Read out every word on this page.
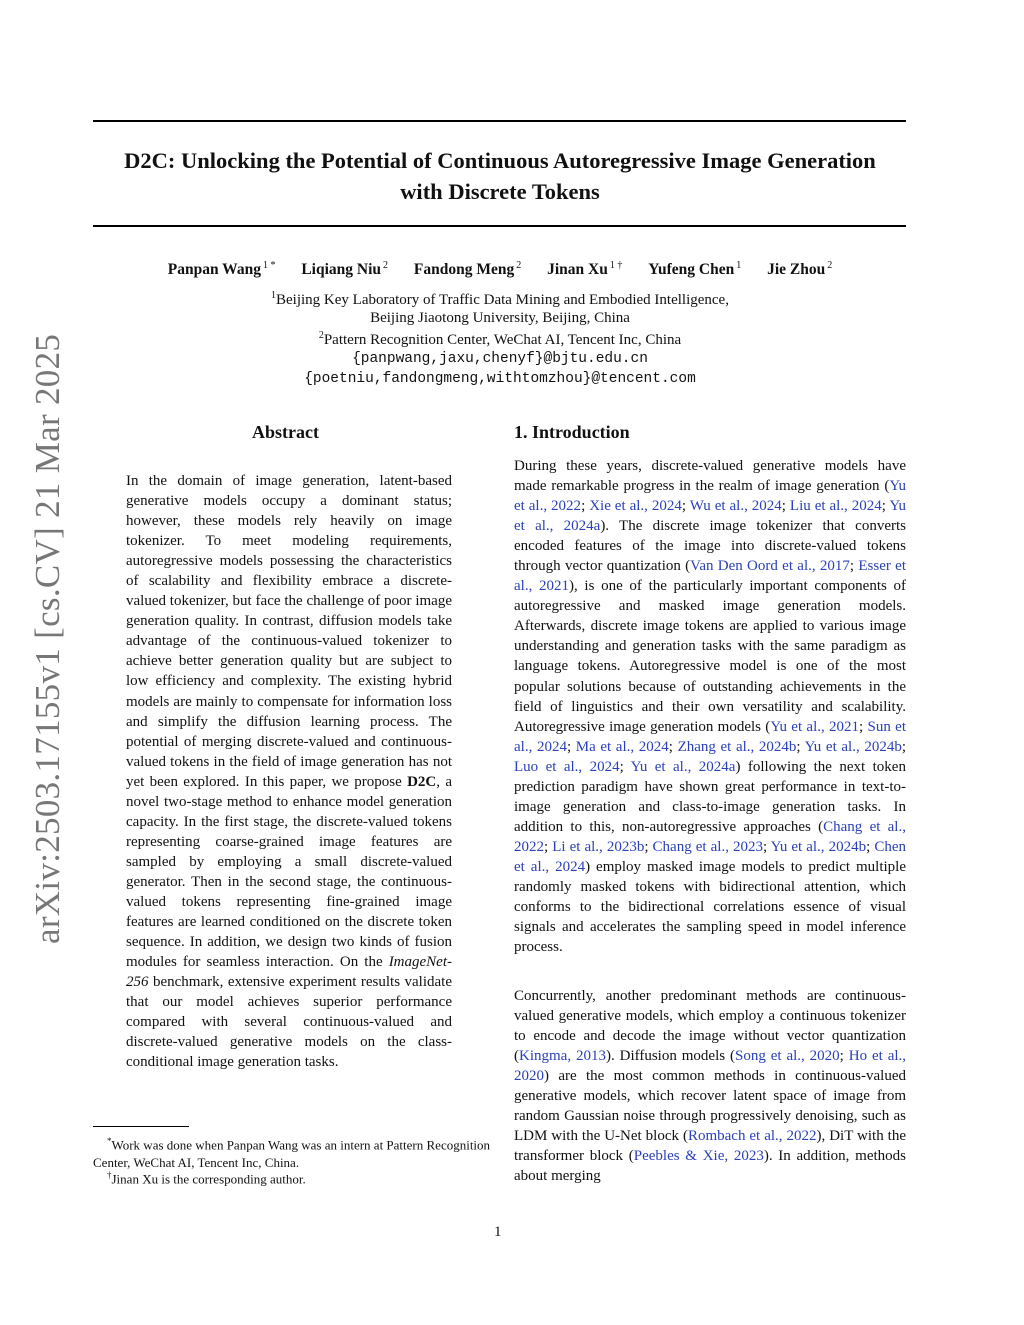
D2C: Unlocking the Potential of Continuous Autoregressive Image Generation
with Discrete Tokens
Panpan Wang $^{1 *}$ Liqiang Niu $^2$ Fandong Meng $^2$ Jinan Xu $^{1 \dagger}$ Yufeng Chen $^1$ Jie Zhou $^2$
$^1$Beijing Key Laboratory of Traffic Data Mining and Embodied Intelligence,
Beijing Jiaotong University, Beijing, China
$^2$Pattern Recognition Center, WeChat AI, Tencent Inc, China
{panpwang,jaxu,chenyf}@bjtu.edu.cn
{poetniu,fandongmeng,withtomzhou}@tencent.com
arXiv:2503.17155v1 [cs.CV] 21 Mar 2025	Abstract
In the domain of image generation, latent-based generative models occupy a dominant status; however, these models rely heavily on image tokenizer. To meet modeling requirements, autoregressive models possessing the characteristics of scalability and flexibility embrace a discrete-valued tokenizer, but face the challenge of poor image generation quality. In contrast, diffusion models take advantage of the continuous-valued tokenizer to achieve better generation quality but are subject to low efficiency and complexity. The existing hybrid models are mainly to compensate for information loss and simplify the diffusion learning process. The potential of merging discrete-valued and continuous-valued tokens in the field of image generation has not yet been explored. In this paper, we propose D2C, a novel two-stage method to enhance model generation capacity. In the first stage, the discrete-valued tokens representing coarse-grained image features are sampled by employing a small discrete-valued generator. Then in the second stage, the continuous-valued tokens representing fine-grained image features are learned conditioned on the discrete token sequence. In addition, we design two kinds of fusion modules for seamless interaction. On the ImageNet-256 benchmark, extensive experiment results validate that our model achieves superior performance compared with several continuous-valued and discrete-valued generative models on the class-conditional image generation tasks.
1. Introduction
During these years, discrete-valued generative models have made remarkable progress in the realm of image generation (Yu et al., 2022; Xie et al., 2024; Wu et al., 2024; Liu et al., 2024; Yu et al., 2024a). The discrete image tokenizer that converts encoded features of the image into discrete-valued tokens through vector quantization (Van Den Oord et al., 2017; Esser et al., 2021), is one of the particularly important components of autoregressive and masked image generation models. Afterwards, discrete image tokens are applied to various image understanding and generation tasks with the same paradigm as language tokens. Autoregressive model is one of the most popular solutions because of outstanding achievements in the field of linguistics and their own versatility and scalability. Autoregressive image generation models (Yu et al., 2021; Sun et al., 2024; Ma et al., 2024; Zhang et al., 2024b; Yu et al., 2024b; Luo et al., 2024; Yu et al., 2024a) following the next token prediction paradigm have shown great performance in text-to-image generation and class-to-image generation tasks. In addition to this, non-autoregressive approaches (Chang et al., 2022; Li et al., 2023b; Chang et al., 2023; Yu et al., 2024b; Chen et al., 2024) employ masked image models to predict multiple randomly masked tokens with bidirectional attention, which conforms to the bidirectional correlations essence of visual signals and accelerates the sampling speed in model inference process.
Concurrently, another predominant methods are continuous-valued generative models, which employ a continuous tokenizer to encode and decode the image without vector quantization (Kingma, 2013). Diffusion models (Song et al., 2020; Ho et al., 2020) are the most common methods in continuous-valued generative models, which recover latent space of image from random Gaussian noise through progressively denoising, such as LDM with the U-Net block (Rombach et al., 2022), DiT with the transformer block (Peebles & Xie, 2023). In addition, methods about merging
*Work was done when Panpan Wang was an intern at Pattern Recognition Center, WeChat AI, Tencent Inc, China.
†Jinan Xu is the corresponding author.
1
